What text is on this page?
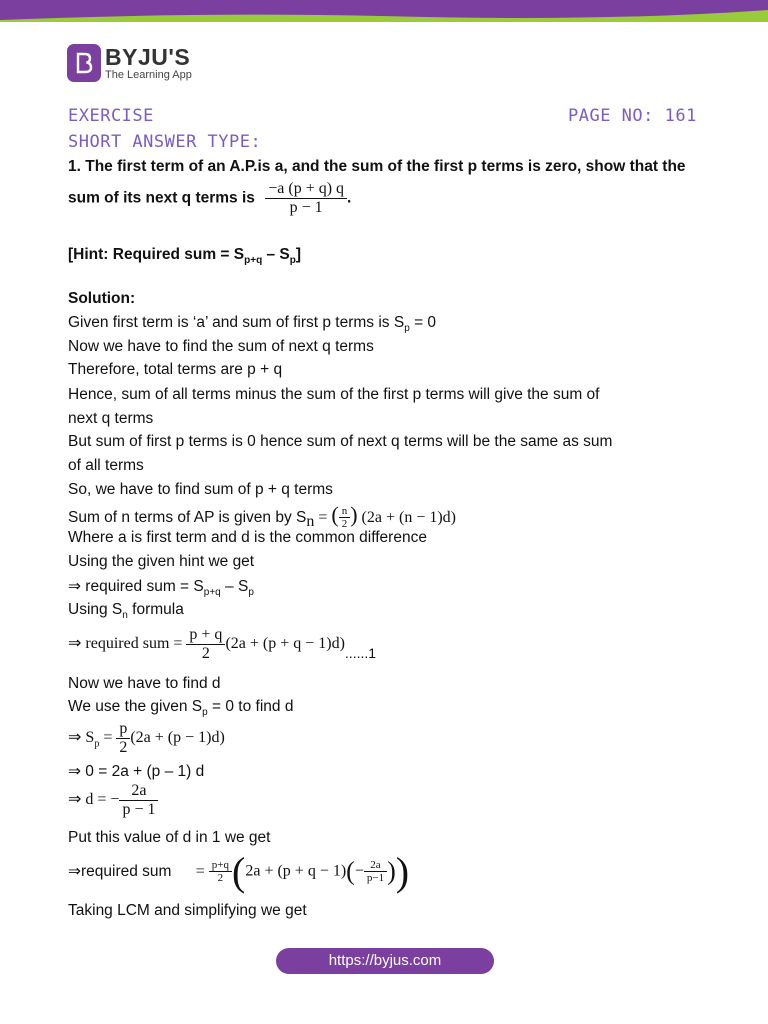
BYJU'S
The Learning App
EXERCISE	PAGE NO: 161
SHORT ANSWER TYPE:
1. The first term of an A.P.is a, and the sum of the first p terms is zero, show that the
sum of its next q terms is $\frac{-a (p + q) q}{p - 1}$ .
[Hint: Required sum = $S_{p+q} - S_p$]
Solution:
Given first term is ‘a’ and sum of first p terms is $S_p = 0$
Now we have to find the sum of next q terms
Therefore, total terms are p + q
Hence, sum of all terms minus the sum of the first p terms will give the sum of
next q terms
But sum of first p terms is 0 hence sum of next q terms will be the same as sum
of all terms
So, we have to find sum of p + q terms
Sum of n terms of AP is given by $S_n$ = ( $\frac{n}{2}$ ) (2a + (n − 1)d)
Where a is first term and d is the common difference
Using the given hint we get
⇒ required sum = $S_{p+q} - S_p$
Using $S_n$ formula
⇒ required sum = $\frac{p + q}{2} (2a + (p + q - 1)d)......1$
Now we have to find d
We use the given $S_p = 0$ to find d
⇒ $S_p = \frac{p}{2} (2a + (p - 1)d)$
⇒ 0 = 2a + (p – 1) d
⇒ d = − $\frac{2a}{p - 1}$
Put this value of d in 1 we get
⇒required sum = $\frac{p+q}{2} (2a + (p + q - 1)(- \frac{2a}{p-1}$ ))
Taking LCM and simplifying we get
https://byjus.com
